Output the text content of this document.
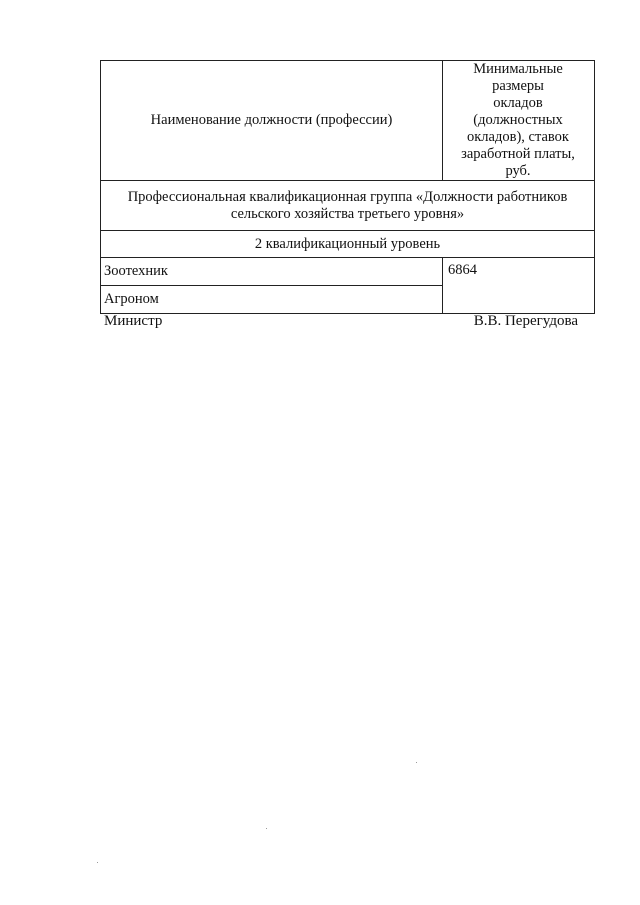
Наименование должности (профессии)	Минимальные размеры
окладов (должностных
окладов), ставок
заработной платы, руб.

Профессиональная квалификационная группа «Должности работников
сельского хозяйства третьего уровня»	

2 квалификационный уровень	
Зоотехник	6864
Агроном	
Министр	В.В. Перегудова
